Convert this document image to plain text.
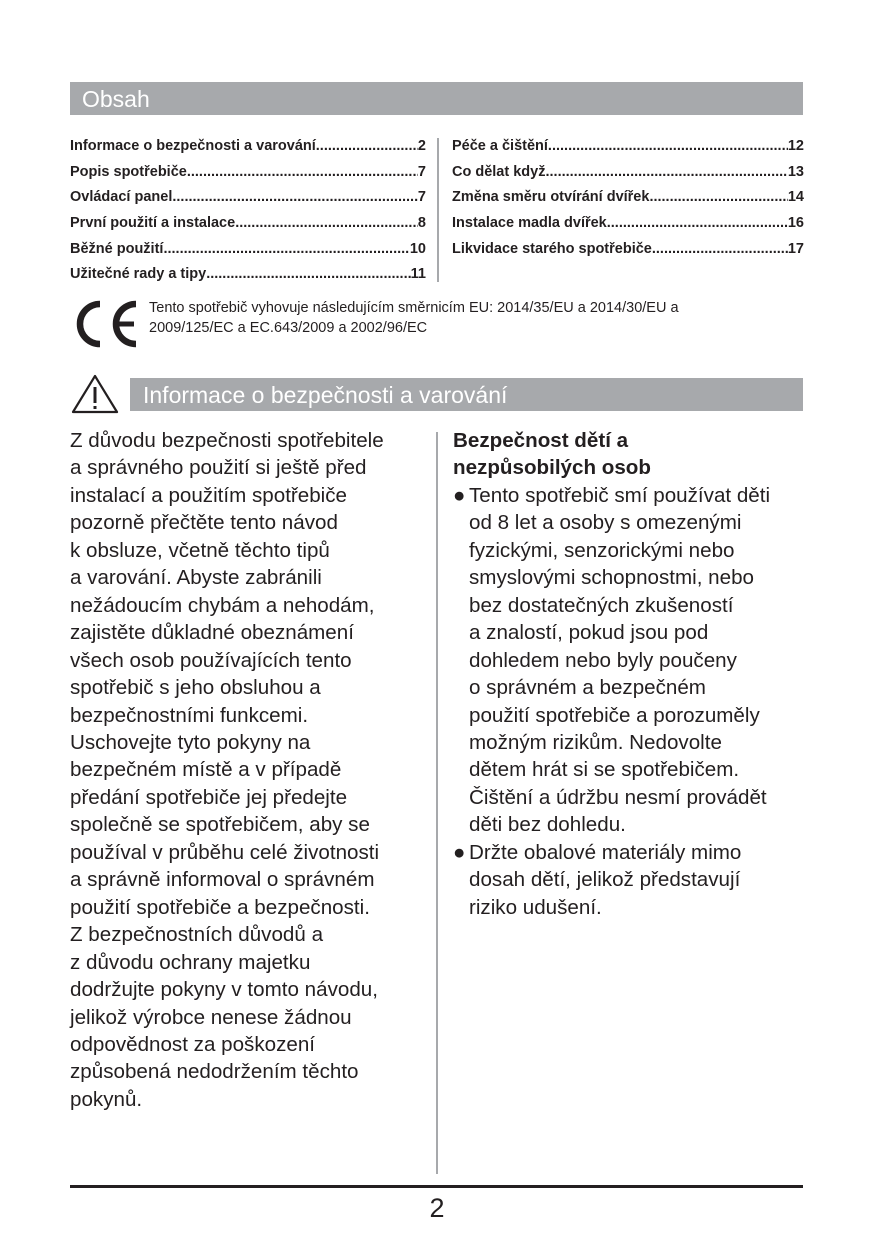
Obsah
Informace o bezpečnosti a varování .....	2
Popis spotřebiče .....	7
Ovládací panel .....	7
První použití a instalace .....	8
Běžné použití .....	10
Užitečné rady a tipy .....	11
Péče a čištění .....	12
Co dělat když... .....	13
Změna směru otvírání dvířek .....	14
Instalace madla dvířek .....	16
Likvidace starého spotřebiče .....	17
Tento spotřebič vyhovuje následujícím směrnicím EU: 2014/35/EU a 2014/30/EU a
2009/125/EC a EC.643/2009 a 2002/96/EC
Informace o bezpečnosti a varování
Z důvodu bezpečnosti spotřebitele
a správného použití si ještě před
instalací a použitím spotřebiče
pozorně přečtěte tento návod
k obsluze, včetně těchto tipů
a varování. Abyste zabránili
nežádoucím chybám a nehodám,
zajistěte důkladné obeznámení
všech osob používajících tento
spotřebič s jeho obsluhou a
bezpečnostními funkcemi.
Uschovejte tyto pokyny na
bezpečném místě a v případě
předání spotřebiče jej předejte
společně se spotřebičem, aby se
používal v průběhu celé životnosti
a správně informoval o správném
použití spotřebiče a bezpečnosti.
Z bezpečnostních důvodů a
z důvodu ochrany majetku
dodržujte pokyny v tomto návodu,
jelikož výrobce nenese žádnou
odpovědnost za poškození
způsobená nedodržením těchto
pokynů.
Bezpečnost dětí a
nezpůsobilých osob
● Tento spotřebič smí používat děti
od 8 let a osoby s omezenými
fyzickými, senzorickými nebo
smyslovými schopnostmi, nebo
bez dostatečných zkušeností
a znalostí, pokud jsou pod
dohledem nebo byly poučeny
o správném a bezpečném
použití spotřebiče a porozuměly
možným rizikům. Nedovolte
dětem hrát si se spotřebičem.
Čištění a údržbu nesmí provádět
děti bez dohledu.
● Držte obalové materiály mimo
dosah dětí, jelikož představují
riziko udušení.
2
